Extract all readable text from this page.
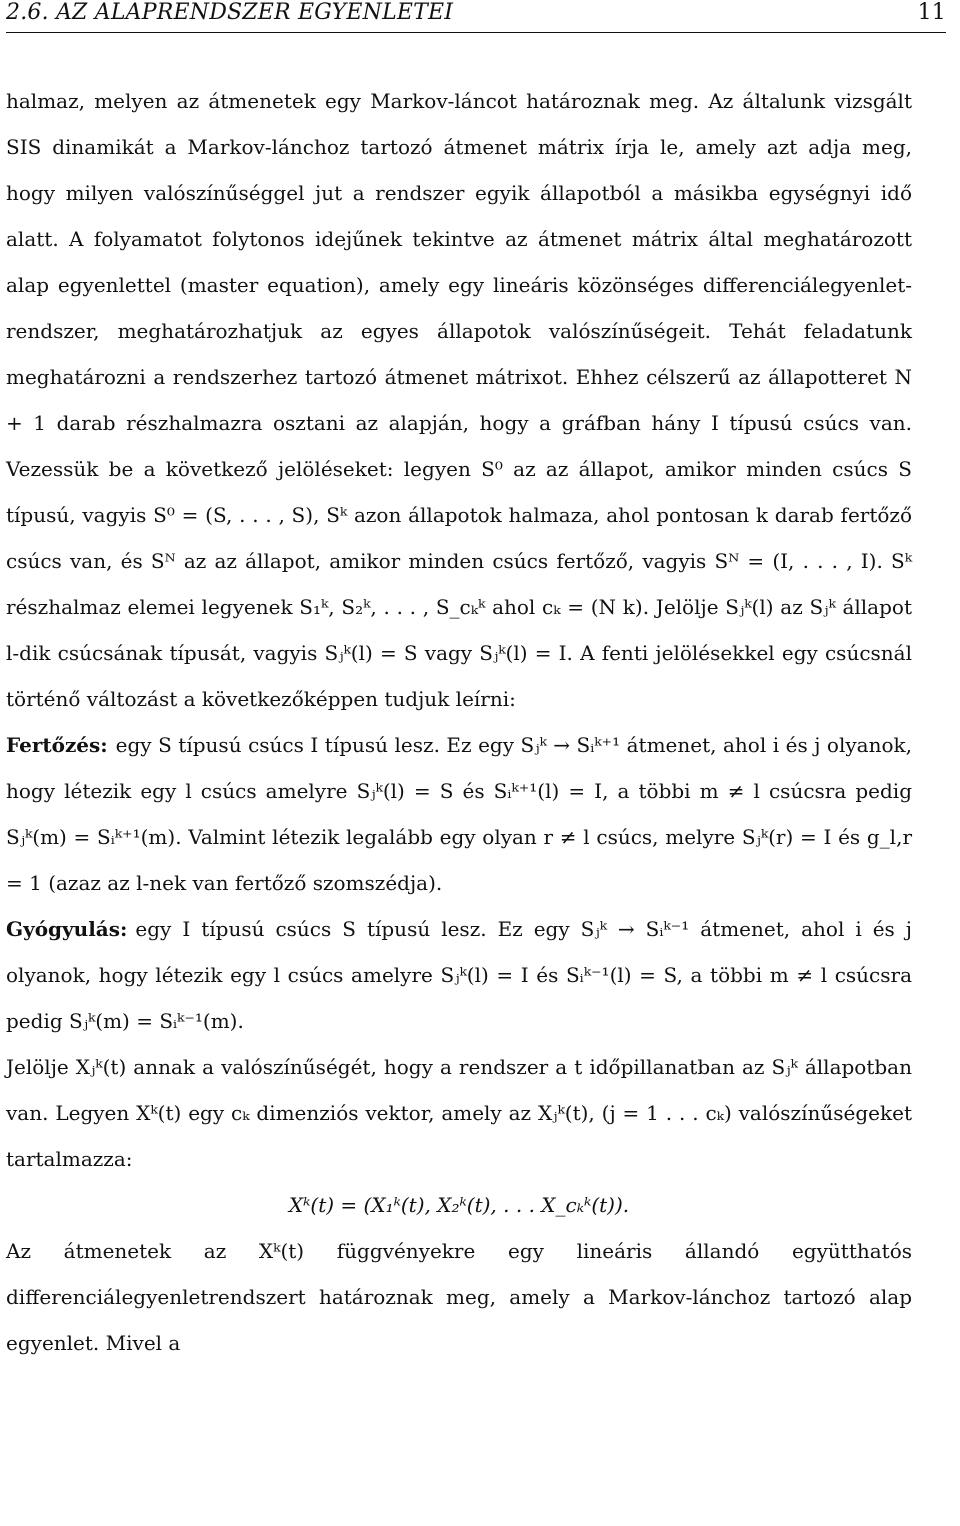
2.6. AZ ALAPRENDSZER EGYENLETEI	11

halmaz, melyen az átmenetek egy Markov-láncot határoznak meg. Az általunk vizsgált SIS dinamikát a Markov-lánchoz tartozó átmenet mátrix írja le, amely azt adja meg, hogy milyen valószínűséggel jut a rendszer egyik állapotból a másikba egységnyi idő alatt. A folyamatot folytonos idejűnek tekintve az átmenet mátrix által meghatározott alap egyenlettel (master equation), amely egy lineáris közönséges differenciálegyenlet-rendszer, meghatározhatjuk az egyes állapotok valószínűségeit. Tehát feladatunk meghatározni a rendszerhez tartozó átmenet mátrixot. Ehhez célszerű az állapotteret N + 1 darab részhalmazra osztani az alapján, hogy a gráfban hány I típusú csúcs van. Vezessük be a következő jelöléseket: legyen S⁰ az az állapot, amikor minden csúcs S típusú, vagyis S⁰ = (S, . . . , S), Sᵏ azon állapotok halmaza, ahol pontosan k darab fertőző csúcs van, és Sᴺ az az állapot, amikor minden csúcs fertőző, vagyis Sᴺ = (I, . . . , I). Sᵏ részhalmaz elemei legyenek S₁ᵏ, S₂ᵏ, . . . , S_cₖᵏ ahol cₖ = (N k). Jelölje Sⱼᵏ(l) az Sⱼᵏ állapot l-dik csúcsának típusát, vagyis Sⱼᵏ(l) = S vagy Sⱼᵏ(l) = I. A fenti jelölésekkel egy csúcsnál történő változást a következőképpen tudjuk leírni:

Fertőzés: egy S típusú csúcs I típusú lesz. Ez egy Sⱼᵏ → Sᵢᵏ⁺¹ átmenet, ahol i és j olyanok, hogy létezik egy l csúcs amelyre Sⱼᵏ(l) = S és Sᵢᵏ⁺¹(l) = I, a többi m ≠ l csúcsra pedig Sⱼᵏ(m) = Sᵢᵏ⁺¹(m). Valmint létezik legalább egy olyan r ≠ l csúcs, melyre Sⱼᵏ(r) = I és g_l,r = 1 (azaz az l-nek van fertőző szomszédja).

Gyógyulás: egy I típusú csúcs S típusú lesz. Ez egy Sⱼᵏ → Sᵢᵏ⁻¹ átmenet, ahol i és j olyanok, hogy létezik egy l csúcs amelyre Sⱼᵏ(l) = I és Sᵢᵏ⁻¹(l) = S, a többi m ≠ l csúcsra pedig Sⱼᵏ(m) = Sᵢᵏ⁻¹(m).

Jelölje Xⱼᵏ(t) annak a valószínűségét, hogy a rendszer a t időpillanatban az Sⱼᵏ állapotban van. Legyen Xᵏ(t) egy cₖ dimenziós vektor, amely az Xⱼᵏ(t), (j = 1 . . . cₖ) valószínűségeket tartalmazza:

Xᵏ(t) = (X₁ᵏ(t), X₂ᵏ(t), . . . X_cₖᵏ(t)).

Az átmenetek az Xᵏ(t) függvényekre egy lineáris állandó együtthatós differenciálegyenletrendszert határoznak meg, amely a Markov-lánchoz tartozó alap egyenlet. Mivel a
